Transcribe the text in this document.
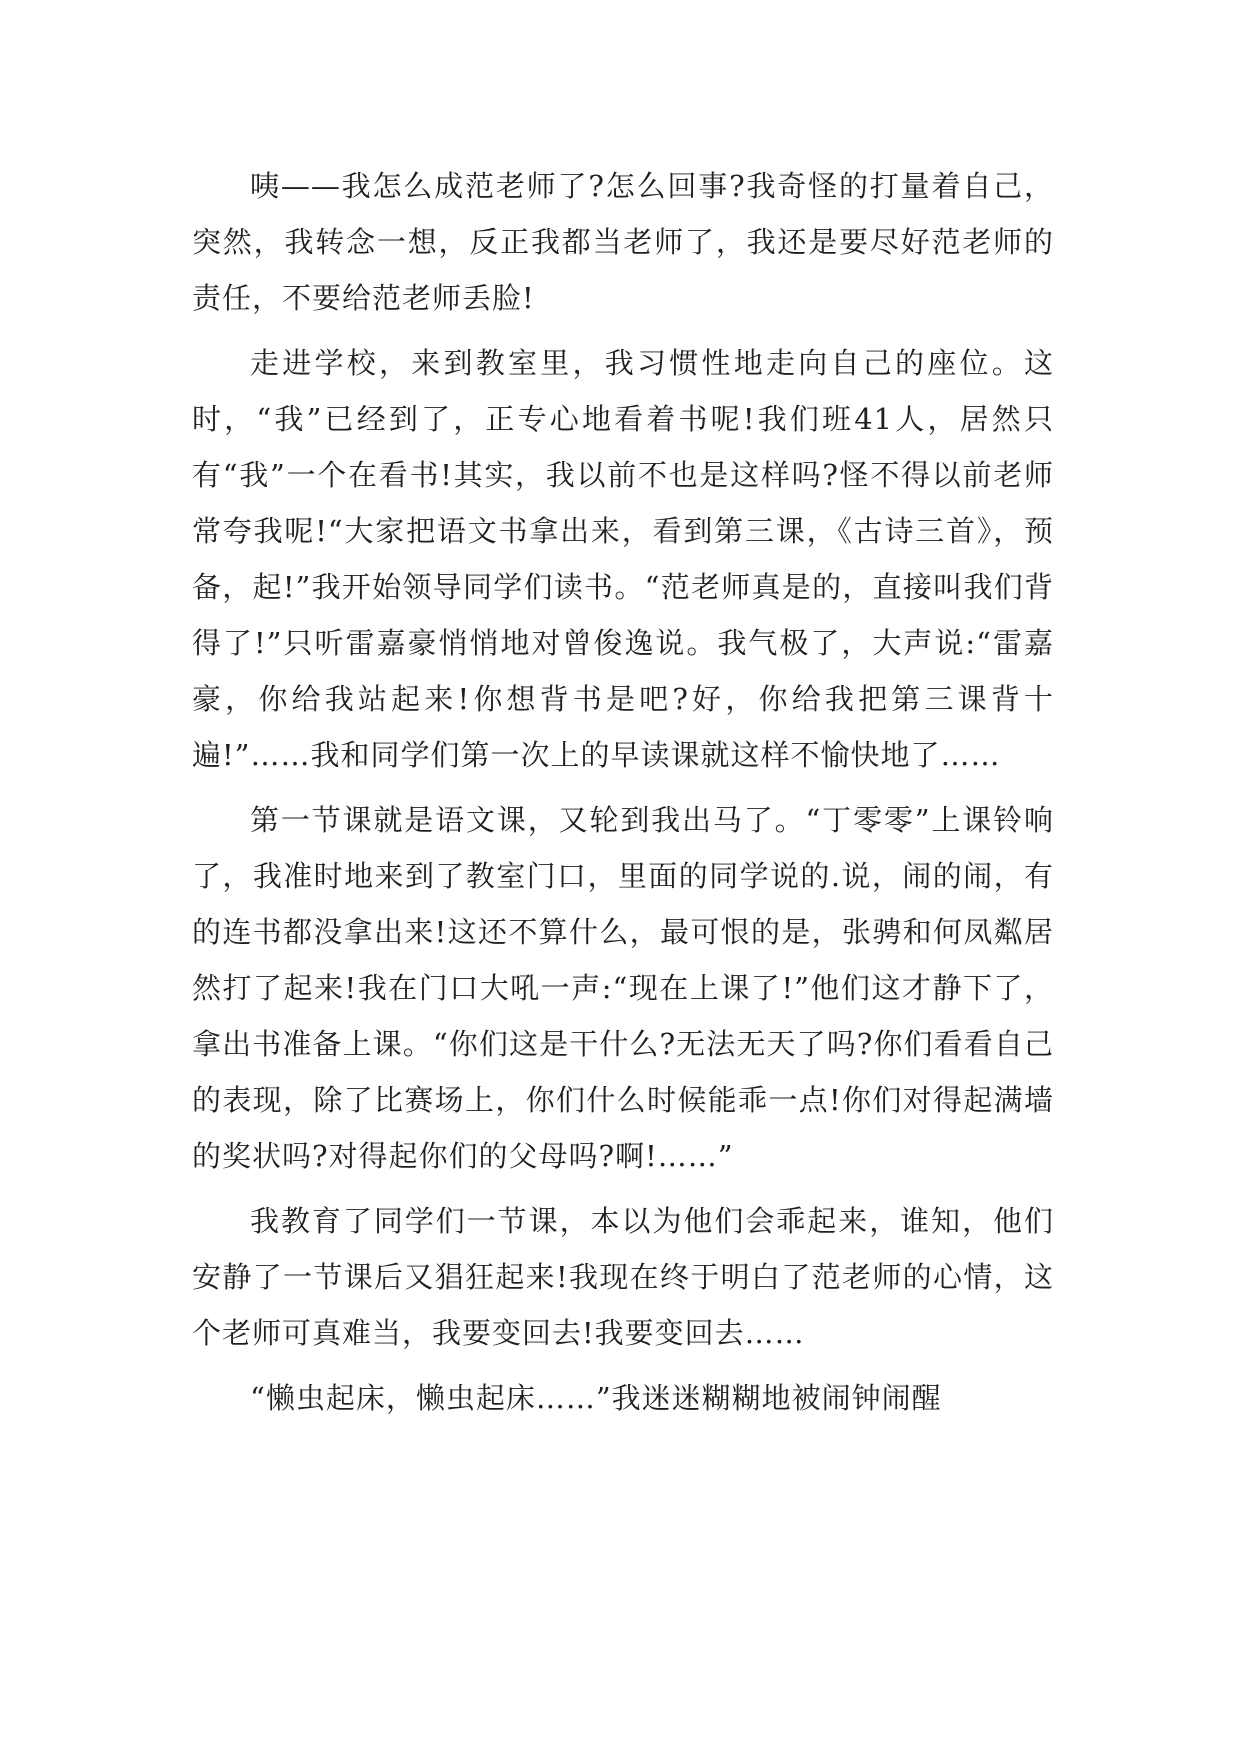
咦——我怎么成范老师了?怎么回事?我奇怪的打量着自己，突然，我转念一想，反正我都当老师了，我还是要尽好范老师的责任，不要给范老师丢脸!

走进学校，来到教室里，我习惯性地走向自己的座位。这时，“我”已经到了，正专心地看着书呢!我们班41人，居然只有“我”一个在看书!其实，我以前不也是这样吗?怪不得以前老师常夸我呢!“大家把语文书拿出来，看到第三课，《古诗三首》，预备，起!”我开始领导同学们读书。“范老师真是的，直接叫我们背得了!”只听雷嘉豪悄悄地对曾俊逸说。我气极了，大声说:“雷嘉豪，你给我站起来!你想背书是吧?好，你给我把第三课背十遍!”……我和同学们第一次上的早读课就这样不愉快地了……

第一节课就是语文课，又轮到我出马了。“丁零零”上课铃响了，我准时地来到了教室门口，里面的同学说的.说，闹的闹，有的连书都没拿出来!这还不算什么，最可恨的是，张骋和何凤粼居然打了起来!我在门口大吼一声:“现在上课了!”他们这才静下了，拿出书准备上课。“你们这是干什么?无法无天了吗?你们看看自己的表现，除了比赛场上，你们什么时候能乖一点!你们对得起满墙的奖状吗?对得起你们的父母吗?啊!……”

我教育了同学们一节课，本以为他们会乖起来，谁知，他们安静了一节课后又猖狂起来!我现在终于明白了范老师的心情，这个老师可真难当，我要变回去!我要变回去……

“懒虫起床，懒虫起床……”我迷迷糊糊地被闹钟闹醒
